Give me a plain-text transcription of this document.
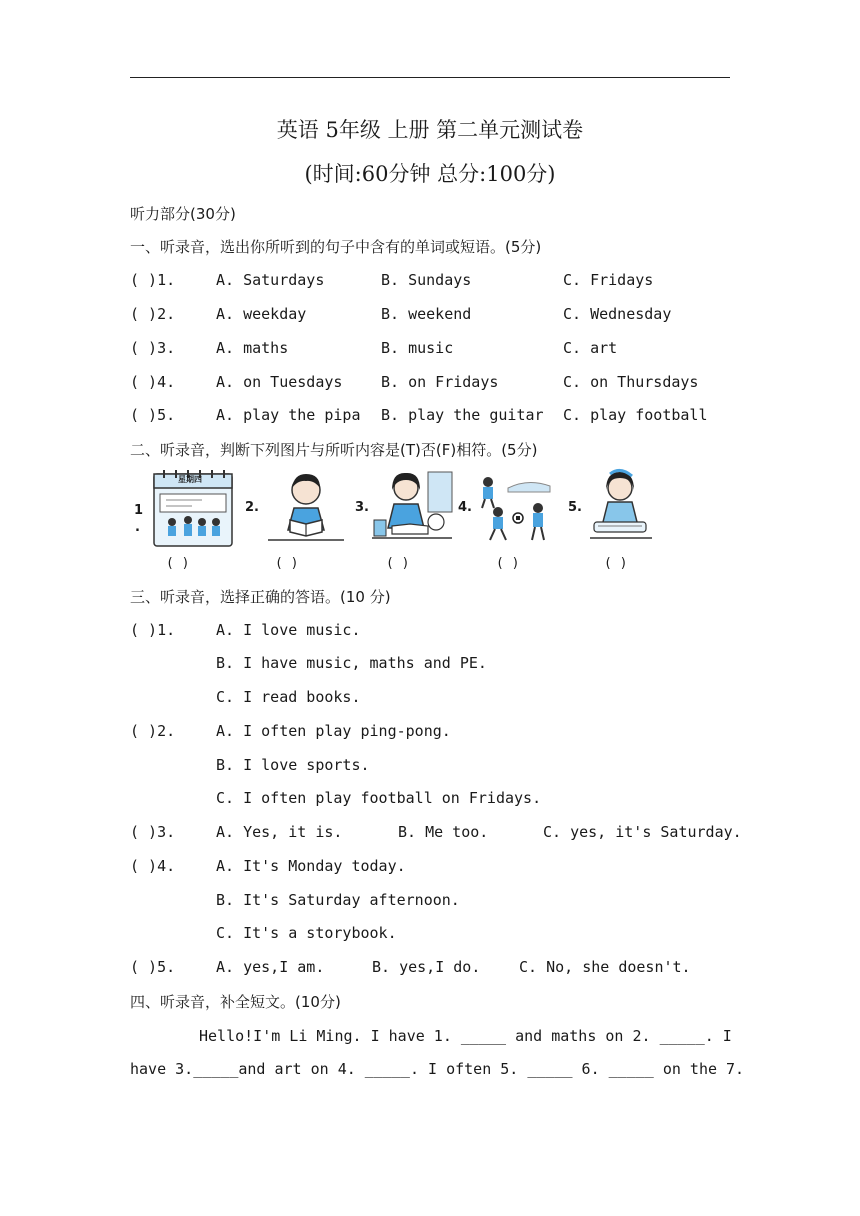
英语 5年级 上册 第二单元测试卷
(时间:60分钟 总分:100分)
听力部分(30分)
一、听录音，选出你所听到的句子中含有的单词或短语。(5分)
( )1.	A. Saturdays	B. Sundays	C. Fridays
( )2.	A. weekday	B. weekend	C. Wednesday
( )3.	A. maths	B. music	C. art
( )4.	A. on Tuesdays	B. on Fridays	C. on Thursdays
( )5.	A. play the pipa B. play the guitar C. play football
二、听录音，判断下列图片与所听内容是(T)否(F)相符。(5分)
1
.
星期四
( )
2.
( )
3.
( )
4.
( )
5.
( )
三、听录音，选择正确的答语。(10 分)
( )1.	A. I love music.
B. I have music, maths and PE.
C. I read books.
( )2.	A. I often play ping-pong.
B. I love sports.
C. I often play football on Fridays.
( )3.	A. Yes, it is.	B. Me too.	C. yes, it's Saturday.
( )4.	A. It's Monday today.
B. It's Saturday afternoon.
C. It's a storybook.
( )5.	A. yes,I am.	B. yes,I do.	C. No, she doesn't.
四、听录音，补全短文。(10分)
Hello!I'm Li Ming. I have 1. _____ and maths on 2. _____. I
have 3._____and art on 4. _____. I often 5. _____ 6. _____ on the 7.
